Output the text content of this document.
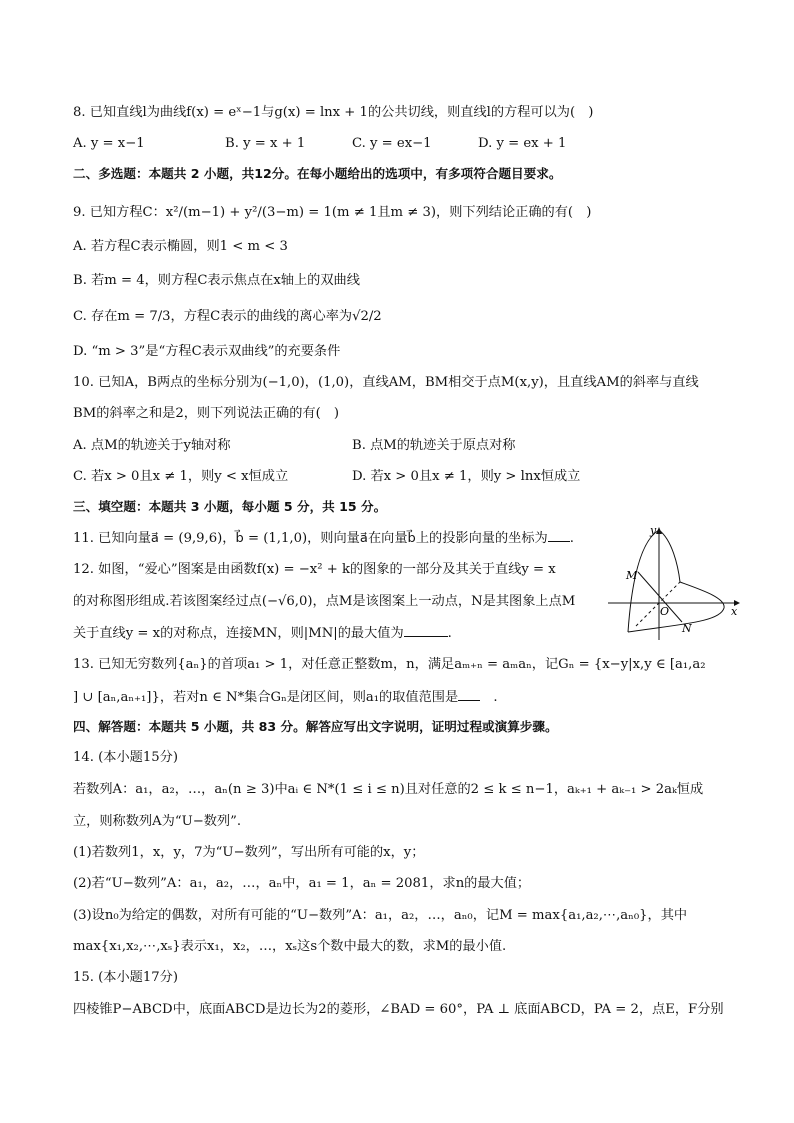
8. 已知直线l为曲线f(x) = eˣ−1与g(x) = lnx + 1的公共切线，则直线l的方程可以为(　)
A. y = x−1	B. y = x + 1	C. y = ex−1	D. y = ex + 1
二、多选题：本题共 2 小题，共12分。在每小题给出的选项中，有多项符合题目要求。
9. 已知方程C：x²/(m−1) + y²/(3−m) = 1(m ≠ 1且m ≠ 3)，则下列结论正确的有(　)
A. 若方程C表示椭圆，则1 < m < 3
B. 若m = 4，则方程C表示焦点在x轴上的双曲线
C. 存在m = 7/3，方程C表示的曲线的离心率为√2/2
D. “m > 3”是“方程C表示双曲线”的充要条件
10. 已知A，B两点的坐标分别为(−1,0)，(1,0)，直线AM，BM相交于点M(x,y)，且直线AM的斜率与直线
BM的斜率之和是2，则下列说法正确的有(　)
A. 点M的轨迹关于y轴对称	B. 点M的轨迹关于原点对称
C. 若x > 0且x ≠ 1，则y < x恒成立	D. 若x > 0且x ≠ 1，则y > lnx恒成立
三、填空题：本题共 3 小题，每小题 5 分，共 15 分。
11. 已知向量a⃗ = (9,9,6)，b⃗ = (1,1,0)，则向量a⃗在向量b⃗上的投影向量的坐标为 .
12. 如图，“爱心”图案是由函数f(x) = −x² + k的图象的一部分及其关于直线y = x
的对称图形组成.若该图案经过点(−√6,0)，点M是该图案上一动点，N是其图象上点M
关于直线y = x的对称点，连接MN，则|MN|的最大值为	.
y
x
O
M
N
13. 已知无穷数列{aₙ}的首项a₁ > 1，对任意正整数m，n，满足aₘ₊ₙ = aₘaₙ，记Gₙ = {x−y|x,y ∈ [a₁,a₂
] ∪ [aₙ,aₙ₊₁]}，若对n ∈ N*集合Gₙ是闭区间，则a₁的取值范围是　.
四、解答题：本题共 5 小题，共 83 分。解答应写出文字说明，证明过程或演算步骤。
14. (本小题15分)
若数列A：a₁，a₂，…，aₙ(n ≥ 3)中aᵢ ∈ N*(1 ≤ i ≤ n)且对任意的2 ≤ k ≤ n−1，aₖ₊₁ + aₖ₋₁ > 2aₖ恒成
立，则称数列A为“U−数列”.
(1)若数列1，x，y，7为“U−数列”，写出所有可能的x，y；
(2)若“U−数列”A：a₁，a₂，…，aₙ中，a₁ = 1，aₙ = 2081，求n的最大值；
(3)设n₀为给定的偶数，对所有可能的“U−数列”A：a₁，a₂，…，aₙ₀，记M = max{a₁,a₂,⋯,aₙ₀}，其中
max{x₁,x₂,⋯,xₛ}表示x₁，x₂，…，xₛ这s个数中最大的数，求M的最小值.
15. (本小题17分)
四棱锥P−ABCD中，底面ABCD是边长为2的菱形，∠BAD = 60°，PA ⊥ 底面ABCD，PA = 2，点E，F分别
